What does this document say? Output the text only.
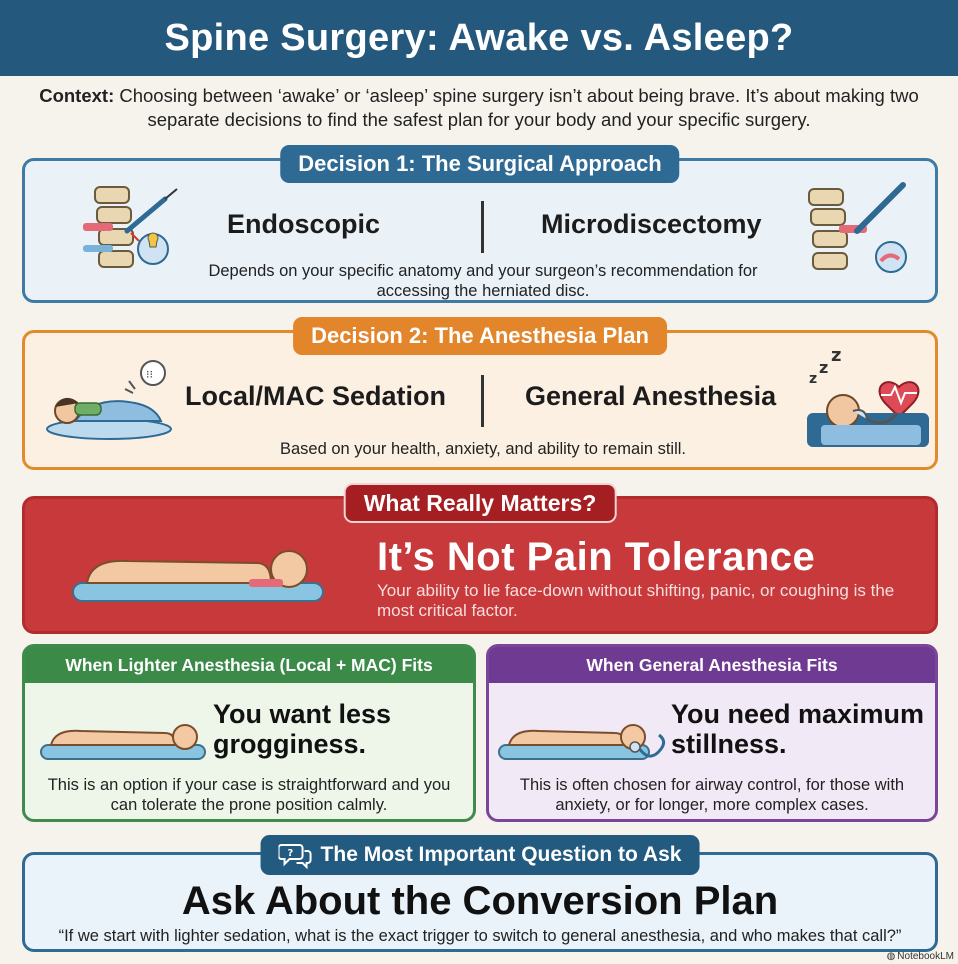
Spine Surgery: Awake vs. Asleep?
Context: Choosing between ‘awake’ or ‘asleep’ spine surgery isn’t about being brave. It’s about making two separate decisions to find the safest plan for your body and your specific surgery.
Decision 1: The Surgical Approach
Endoscopic	Microdiscectomy
Depends on your specific anatomy and your surgeon’s recommendation for accessing the herniated disc.
Decision 2: The Anesthesia Plan
⁝⁝
Local/MAC Sedation	General Anesthesia
z
z
z
Based on your health, anxiety, and ability to remain still.
What Really Matters?
It’s Not Pain Tolerance
Your ability to lie face-down without shifting, panic, or coughing is the most critical factor.
When Lighter Anesthesia (Local + MAC) Fits
You want less grogginess.
This is an option if your case is straightforward and you can tolerate the prone position calmly.
When General Anesthesia Fits
You need maximum stillness.
This is often chosen for airway control, for those with anxiety, or for longer, more complex cases.
? The Most Important Question to Ask
Ask About the Conversion Plan
“If we start with lighter sedation, what is the exact trigger to switch to general anesthesia, and who makes that call?”
◍ NotebookLM
